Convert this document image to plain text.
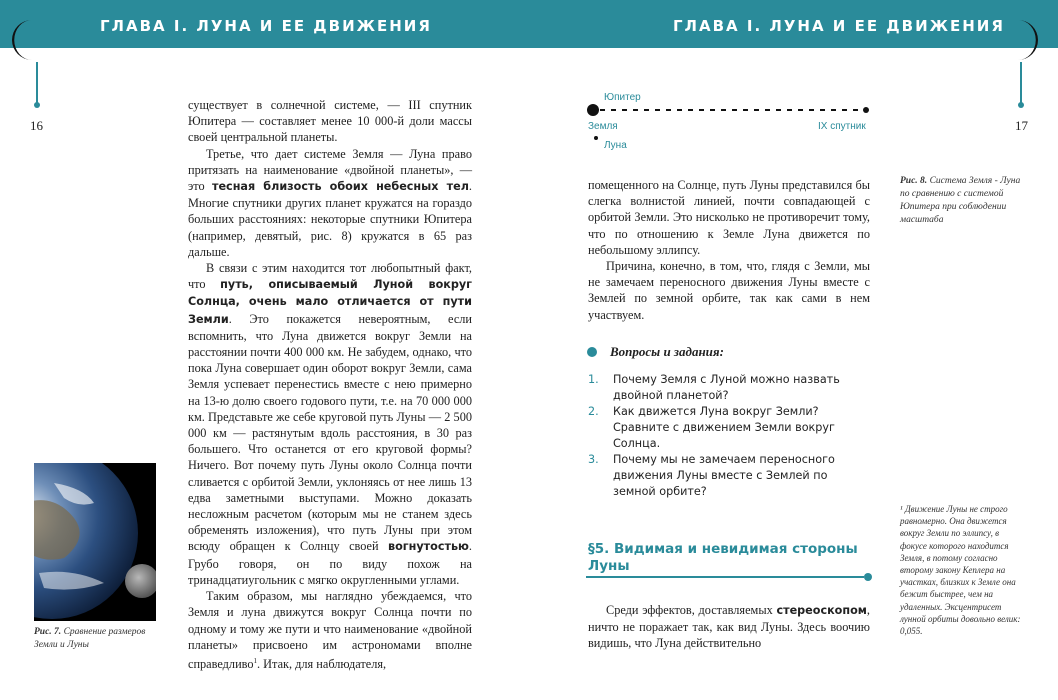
ГЛАВА I. ЛУНА И ЕЕ ДВИЖЕНИЯ	ГЛАВА I. ЛУНА И ЕЕ ДВИЖЕНИЯ
16	17

существует в солнечной системе, — III спутник Юпитера — составляет менее 10 000-й доли массы своей центральной планеты.

Третье, что дает системе Земля — Луна право притязать на наименование «двойной планеты», — это тесная близость обоих небесных тел. Многие спутники других планет кружатся на гораздо больших расстояниях: некоторые спутники Юпитера (например, девятый, рис. 8) кружатся в 65 раз дальше.

В связи с этим находится тот любопытный факт, что путь, описываемый Луной вокруг Солнца, очень мало отличается от пути Земли. Это покажется невероятным, если вспомнить, что Луна движется вокруг Земли на расстоянии почти 400 000 км. Не забудем, однако, что пока Луна совершает один оборот вокруг Земли, сама Земля успевает перенестись вместе с нею примерно на 13-ю долю своего годового пути, т.е. на 70 000 000 км. Представьте же себе круговой путь Луны — 2 500 000 км — растянутым вдоль расстояния, в 30 раз большего. Что останется от его круговой формы? Ничего. Вот почему путь Луны около Солнца почти сливается с орбитой Земли, уклоняясь от нее лишь 13 едва заметными выступами. Можно доказать несложным расчетом (которым мы не станем здесь обременять изложения), что путь Луны при этом всюду обращен к Солнцу своей вогнутостью. Грубо говоря, он по виду похож на тринадцатиугольник с мягко округленными углами.

Таким образом, мы наглядно убеждаемся, что Земля и луна движутся вокруг Солнца почти по одному и тому же пути и что наименование «двойной планеты» присвоено им астрономами вполне справедливо$^1$. Итак, для наблюдателя,

Рис. 7. Сравнение размеров Земли и Луны
Юпитер
Земля	IX спутник
Луна
Рис. 8. Система Земля - Луна по сравнению с системой Юпитера при соблюдении масштаба

помещенного на Солнце, путь Луны представился бы слегка волнистой линией, почти совпадающей с орбитой Земли. Это нисколько не противоречит тому, что по отношению к Земле Луна движется по небольшому эллипсу.

Причина, конечно, в том, что, глядя с Земли, мы не замечаем переносного движения Луны вместе с Землей по земной орбите, так как сами в нем участвуем.

Вопросы и задания:
1. Почему Земля с Луной можно назвать двойной планетой?
2. Как движется Луна вокруг Земли? Сравните с движением Земли вокруг Солнца.
3. Почему мы не замечаем переносного движения Луны вместе с Землей по земной орбите?
§5. Видимая и невидимая стороны Луны

Среди эффектов, доставляемых стереоскопом, ничто не поражает так, как вид Луны. Здесь воочию видишь, что Луна действительно

¹ Движение Луны не строго равномерно. Она движется вокруг Земли по эллипсу, в фокусе которого находится Земля, в потому согласно второму закону Кеплера на участках, близких к Земле она бежит быстрее, чем на удаленных. Эксцентрисет лунной орбиты довольно велик: 0,055.
